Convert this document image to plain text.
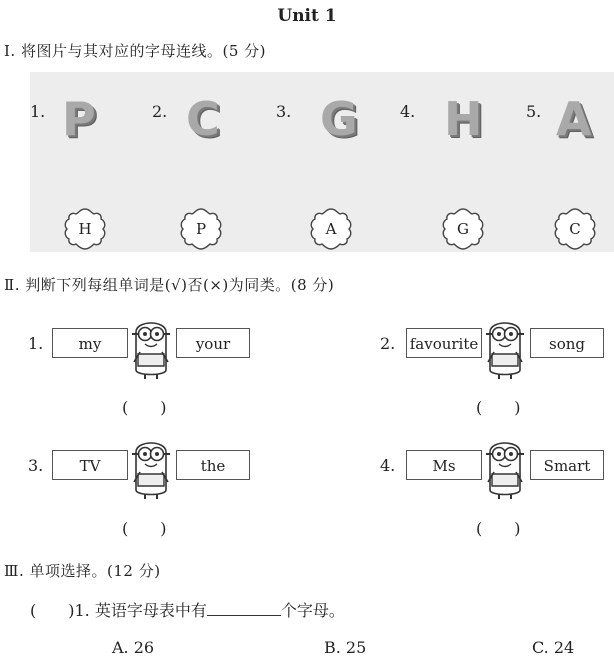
Unit 1
Ⅰ. 将图片与其对应的字母连线。(5 分)
1. P	2. C	3. G	4. H	5. A
H	P	A	G	C
Ⅱ. 判断下列每组单词是(√)否(×)为同类。(8 分)
1.	my	your
(　　)
2. favourite	song
(　　)
3.	TV	the
(　　)
4.	Ms	Smart
(　　)
Ⅲ. 单项选择。(12 分)
(　　)1. 英语字母表中有	个字母。
A. 26	B. 25	C. 24
